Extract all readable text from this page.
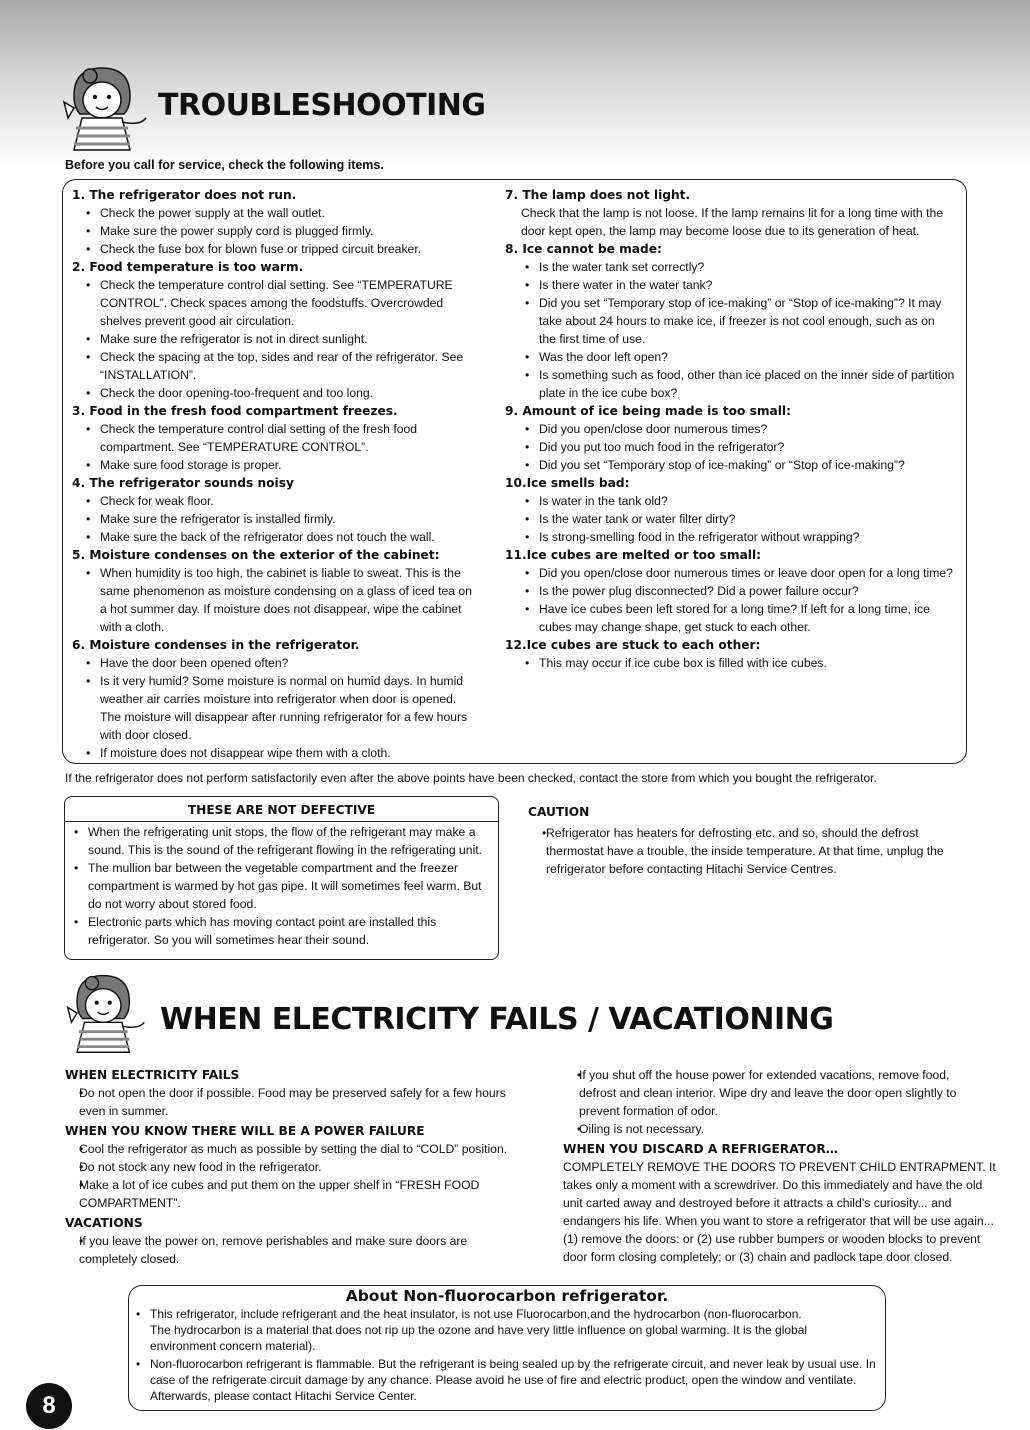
TROUBLESHOOTING
Before you call for service, check the following items.
1. The refrigerator does not run.
• Check the power supply at the wall outlet.
• Make sure the power supply cord is plugged firmly.
• Check the fuse box for blown fuse or tripped circuit breaker.
2. Food temperature is too warm.
• Check the temperature control dial setting. See “TEMPERATURE CONTROL”. Check spaces among the foodstuffs. Overcrowded shelves prevent good air circulation.
• Make sure the refrigerator is not in direct sunlight.
• Check the spacing at the top, sides and rear of the refrigerator. See “INSTALLATION”.
• Check the door opening-too-frequent and too long.
3. Food in the fresh food compartment freezes.
• Check the temperature control dial setting of the fresh food compartment. See “TEMPERATURE CONTROL”.
• Make sure food storage is proper.
4. The refrigerator sounds noisy
• Check for weak floor.
• Make sure the refrigerator is installed firmly.
• Make sure the back of the refrigerator does not touch the wall.
5. Moisture condenses on the exterior of the cabinet:
• When humidity is too high, the cabinet is liable to sweat. This is the same phenomenon as moisture condensing on a glass of iced tea on a hot summer day. If moisture does not disappear, wipe the cabinet with a cloth.
6. Moisture condenses in the refrigerator.
• Have the door been opened often?
• Is it very humid? Some moisture is normal on humid days. In humid weather air carries moisture into refrigerator when door is opened. The moisture will disappear after running refrigerator for a few hours with door closed.
• If moisture does not disappear wipe them with a cloth.
7. The lamp does not light.
Check that the lamp is not loose. If the lamp remains lit for a long time with the door kept open, the lamp may become loose due to its generation of heat.
8. Ice cannot be made:
• Is the water tank set correctly?
• Is there water in the water tank?
• Did you set “Temporary stop of ice-making” or “Stop of ice-making”? It may take about 24 hours to make ice, if freezer is not cool enough, such as on the first time of use.
• Was the door left open?
• Is something such as food, other than ice placed on the inner side of partition plate in the ice cube box?
9. Amount of ice being made is too small:
• Did you open/close door numerous times?
• Did you put too much food in the refrigerator?
• Did you set “Temporary stop of ice-making” or “Stop of ice-making”?
10.Ice smells bad:
• Is water in the tank old?
• Is the water tank or water filter dirty?
• Is strong-smelling food in the refrigerator without wrapping?
11.Ice cubes are melted or too small:
• Did you open/close door numerous times or leave door open for a long time?
• Is the power plug disconnected? Did a power failure occur?
• Have ice cubes been left stored for a long time? If left for a long time, ice cubes may change shape, get stuck to each other.
12.Ice cubes are stuck to each other:
• This may occur if ice cube box is filled with ice cubes.
If the refrigerator does not perform satisfactorily even after the above points have been checked, contact the store from which you bought the refrigerator.
THESE ARE NOT DEFECTIVE
• When the refrigerating unit stops, the flow of the refrigerant may make a sound. This is the sound of the refrigerant flowing in the refrigerating unit.
• The mullion bar between the vegetable compartment and the freezer compartment is warmed by hot gas pipe. It will sometimes feel warm. But do not worry about stored food.
• Electronic parts which has moving contact point are installed this refrigerator. So you will sometimes hear their sound.
CAUTION
• Refrigerator has heaters for defrosting etc. and so, should the defrost thermostat have a trouble, the inside temperature. At that time, unplug the refrigerator before contacting Hitachi Service Centres.
WHEN ELECTRICITY FAILS / VACATIONING
WHEN ELECTRICITY FAILS
• Do not open the door if possible. Food may be preserved safely for a few hours even in summer.
WHEN YOU KNOW THERE WILL BE A POWER FAILURE
• Cool the refrigerator as much as possible by setting the dial to “COLD” position.
• Do not stock any new food in the refrigerator.
• Make a lot of ice cubes and put them on the upper shelf in “FRESH FOOD COMPARTMENT”.
VACATIONS
• If you leave the power on, remove perishables and make sure doors are completely closed.
• If you shut off the house power for extended vacations, remove food, defrost and clean interior. Wipe dry and leave the door open slightly to prevent formation of odor.
• Oiling is not necessary.
WHEN YOU DISCARD A REFRIGERATOR…
COMPLETELY REMOVE THE DOORS TO PREVENT CHILD ENTRAPMENT. It takes only a moment with a screwdriver. Do this immediately and have the old unit carted away and destroyed before it attracts a child’s curiosity... and endangers his life. When you want to store a refrigerator that will be use again...
(1) remove the doors: or (2) use rubber bumpers or wooden blocks to prevent door form closing completely; or (3) chain and padlock tape door closed.
About Non-fluorocarbon refrigerator.
• This refrigerator, include refrigerant and the heat insulator, is not use Fluorocarbon,and the hydrocarbon (non-fluorocarbon. The hydrocarbon is a material that does not rip up the ozone and have very little influence on global warming. It is the global environment concern material).
• Non-fluorocarbon refrigerant is flammable. But the refrigerant is being sealed up by the refrigerate circuit, and never leak by usual use. In case of the refrigerate circuit damage by any chance. Please avoid he use of fire and electric product, open the window and ventilate. Afterwards, please contact Hitachi Service Center.
8
